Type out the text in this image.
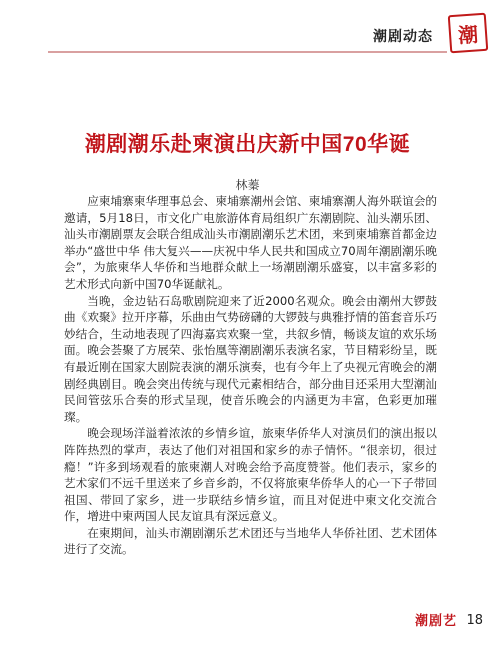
潮剧动态	潮
潮剧潮乐赴柬演出庆新中国70华诞
林蓁

应柬埔寨柬华理事总会、柬埔寨潮州会馆、柬埔寨潮人海外联谊会的邀请，5月18日，市文化广电旅游体育局组织广东潮剧院、汕头潮乐团、汕头市潮剧票友会联合组成汕头市潮剧潮乐艺术团，来到柬埔寨首都金边举办“盛世中华 伟大复兴——庆祝中华人民共和国成立70周年潮剧潮乐晚会”，为旅柬华人华侨和当地群众献上一场潮剧潮乐盛宴，以丰富多彩的艺术形式向新中国70华诞献礼。

当晚，金边钻石岛歌剧院迎来了近2000名观众。晚会由潮州大锣鼓曲《欢聚》拉开序幕，乐曲由气势磅礴的大锣鼓与典雅抒情的笛套音乐巧妙结合，生动地表现了四海嘉宾欢聚一堂，共叙乡情，畅谈友谊的欢乐场面。晚会荟聚了方展荣、张怡凰等潮剧潮乐表演名家，节目精彩纷呈，既有最近刚在国家大剧院表演的潮乐演奏，也有今年上了央视元宵晚会的潮剧经典剧目。晚会突出传统与现代元素相结合，部分曲目还采用大型潮汕民间管弦乐合奏的形式呈现，使音乐晚会的内涵更为丰富，色彩更加璀璨。

晚会现场洋溢着浓浓的乡情乡谊，旅柬华侨华人对演员们的演出报以阵阵热烈的掌声，表达了他们对祖国和家乡的赤子情怀。“很亲切，很过瘾！”许多到场观看的旅柬潮人对晚会给予高度赞誉。他们表示，家乡的艺术家们不远千里送来了乡音乡韵，不仅将旅柬华侨华人的心一下子带回祖国、带回了家乡，进一步联结乡情乡谊，而且对促进中柬文化交流合作，增进中柬两国人民友谊具有深远意义。

在柬期间，汕头市潮剧潮乐艺术团还与当地华人华侨社团、艺术团体进行了交流。

潮剧艺 18
